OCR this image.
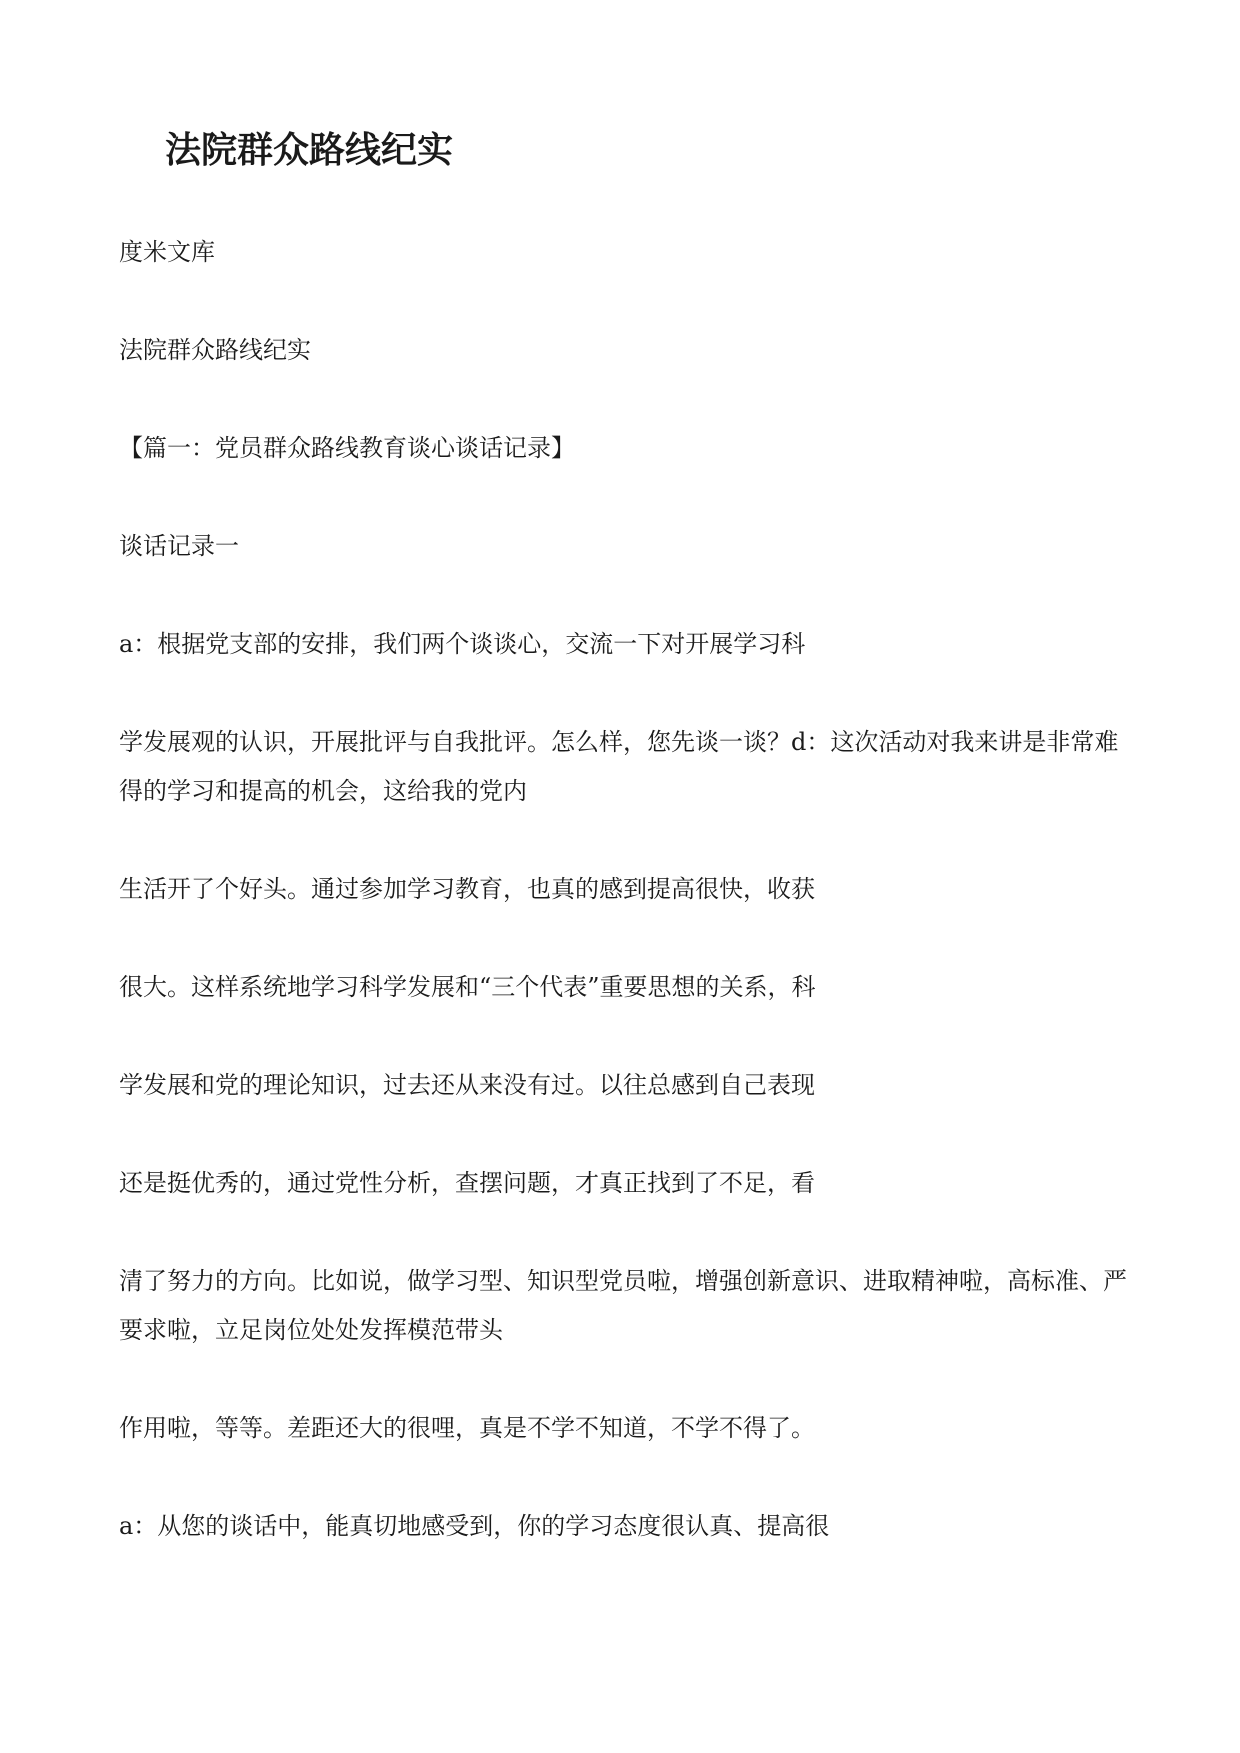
法院群众路线纪实

度米文库

法院群众路线纪实

【篇一：党员群众路线教育谈心谈话记录】

谈话记录一

a：根据党支部的安排，我们两个谈谈心，交流一下对开展学习科

学发展观的认识，开展批评与自我批评。怎么样，您先谈一谈？d：这次活动对我来讲是非常难得的学习和提高的机会，这给我的党内

生活开了个好头。通过参加学习教育，也真的感到提高很快，收获

很大。这样系统地学习科学发展和“三个代表”重要思想的关系，科

学发展和党的理论知识，过去还从来没有过。以往总感到自己表现

还是挺优秀的，通过党性分析，查摆问题，才真正找到了不足，看

清了努力的方向。比如说，做学习型、知识型党员啦，增强创新意识、进取精神啦，高标准、严要求啦，立足岗位处处发挥模范带头

作用啦，等等。差距还大的很哩，真是不学不知道，不学不得了。

a：从您的谈话中，能真切地感受到，你的学习态度很认真、提高很
